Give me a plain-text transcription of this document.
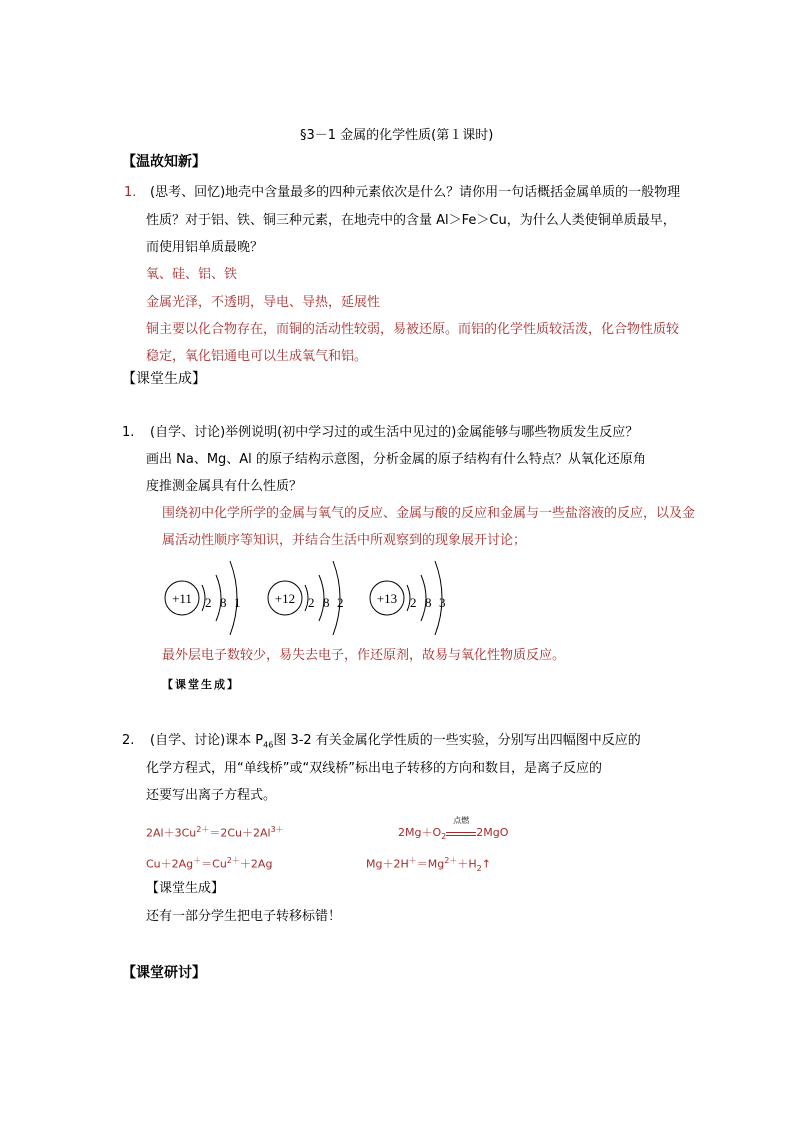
§3－1 金属的化学性质(第１课时)
【温故知新】
1. (思考、回忆)地壳中含量最多的四种元素依次是什么？请你用一句话概括金属单质的一般物理
性质？对于铝、铁、铜三种元素，在地壳中的含量 Al＞Fe＞Cu，为什么人类使铜单质最早，
而使用铝单质最晚？
氧、硅、铝、铁
金属光泽，不透明，导电、导热，延展性
铜主要以化合物存在，而铜的活动性较弱，易被还原。而铝的化学性质较活泼，化合物性质较
稳定，氧化铝通电可以生成氧气和铝。
【课堂生成】
1. (自学、讨论)举例说明(初中学习过的或生活中见过的)金属能够与哪些物质发生反应？
画出 Na、Mg、Al 的原子结构示意图，分析金属的原子结构有什么特点？从氧化还原角
度推测金属具有什么性质？
围绕初中化学所学的金属与氧气的反应、金属与酸的反应和金属与一些盐溶液的反应，以及金
属活动性顺序等知识，并结合生活中所观察到的现象展开讨论；
+11 2 8 1	+12 2 8 2	+13 2 8 3
最外层电子数较少，易失去电子，作还原剂，故易与氧化性物质反应。
【课堂生成】
2. (自学、讨论)课本 $P_{46}$图 3-2 有关金属化学性质的一些实验，分别写出四幅图中反应的
化学方程式，用“单线桥”或“双线桥”标出电子转移的方向和数目，是离子反应的
还要写出离子方程式。
$2Al+3Cu^{2+}=2Cu+2Al^{3+}$	$2Mg+O_2$
点燃
2MgO
$Cu+2Ag^+=Cu^{2+}+2Ag$	$Mg+2H^+=Mg^{2+}+H_2↑$
【课堂生成】
还有一部分学生把电子转移标错！
【课堂研讨】
